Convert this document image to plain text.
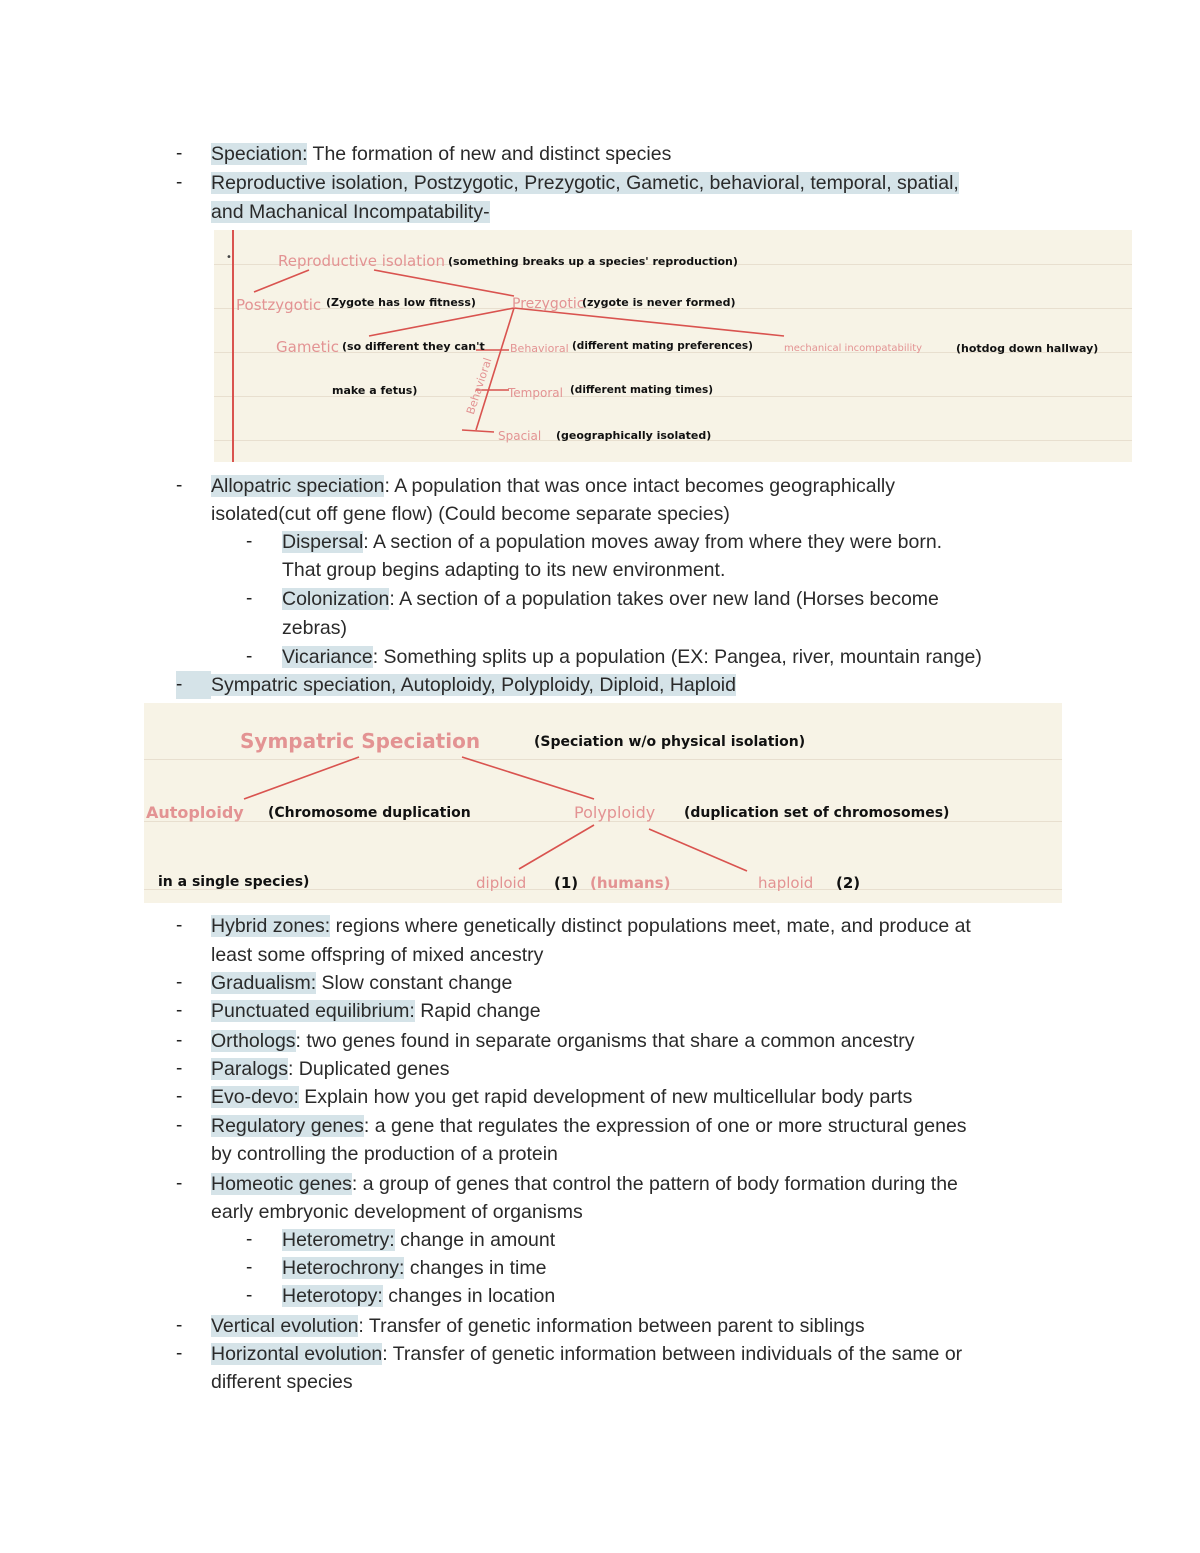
- Speciation: The formation of new and distinct species
- Reproductive isolation, Postzygotic, Prezygotic, Gametic, behavioral, temporal, spatial,
and Machanical Incompatability-
•	Reproductive isolation (something breaks up a species' reproduction)
Postzygotic (Zygote has low fitness)	Prezygotic
(zygote is never formed)
Gametic (so different they can't
make a fetus)
Behavioral (different mating preferences)	mechanical incompatability	(hotdog down hallway)
Behavioral Temporal (different mating times)
Spacial (geographically isolated)
- Allopatric speciation: A population that was once intact becomes geographically
isolated(cut off gene flow) (Could become separate species)
- Dispersal: A section of a population moves away from where they were born.
That group begins adapting to its new environment.
- Colonization: A section of a population takes over new land (Horses become
zebras)
- Vicariance: Something splits up a population (EX: Pangea, river, mountain range)
-	Sympatric speciation, Autoploidy, Polyploidy, Diploid, Haploid
Sympatric Speciation	(Speciation w/o physical isolation)
Autoploidy (Chromosome duplication
in a single species)
Polyploidy (duplication set of chromosomes)
diploid (1) (humans)	haploid (2)
- Hybrid zones: regions where genetically distinct populations meet, mate, and produce at
least some offspring of mixed ancestry
- Gradualism: Slow constant change
- Punctuated equilibrium: Rapid change
- Orthologs: two genes found in separate organisms that share a common ancestry
- Paralogs: Duplicated genes
- Evo-devo: Explain how you get rapid development of new multicellular body parts
- Regulatory genes: a gene that regulates the expression of one or more structural genes
by controlling the production of a protein
- Homeotic genes: a group of genes that control the pattern of body formation during the
early embryonic development of organisms
- Heterometry: change in amount
- Heterochrony: changes in time
- Heterotopy: changes in location
- Vertical evolution: Transfer of genetic information between parent to siblings
- Horizontal evolution: Transfer of genetic information between individuals of the same or
different species
